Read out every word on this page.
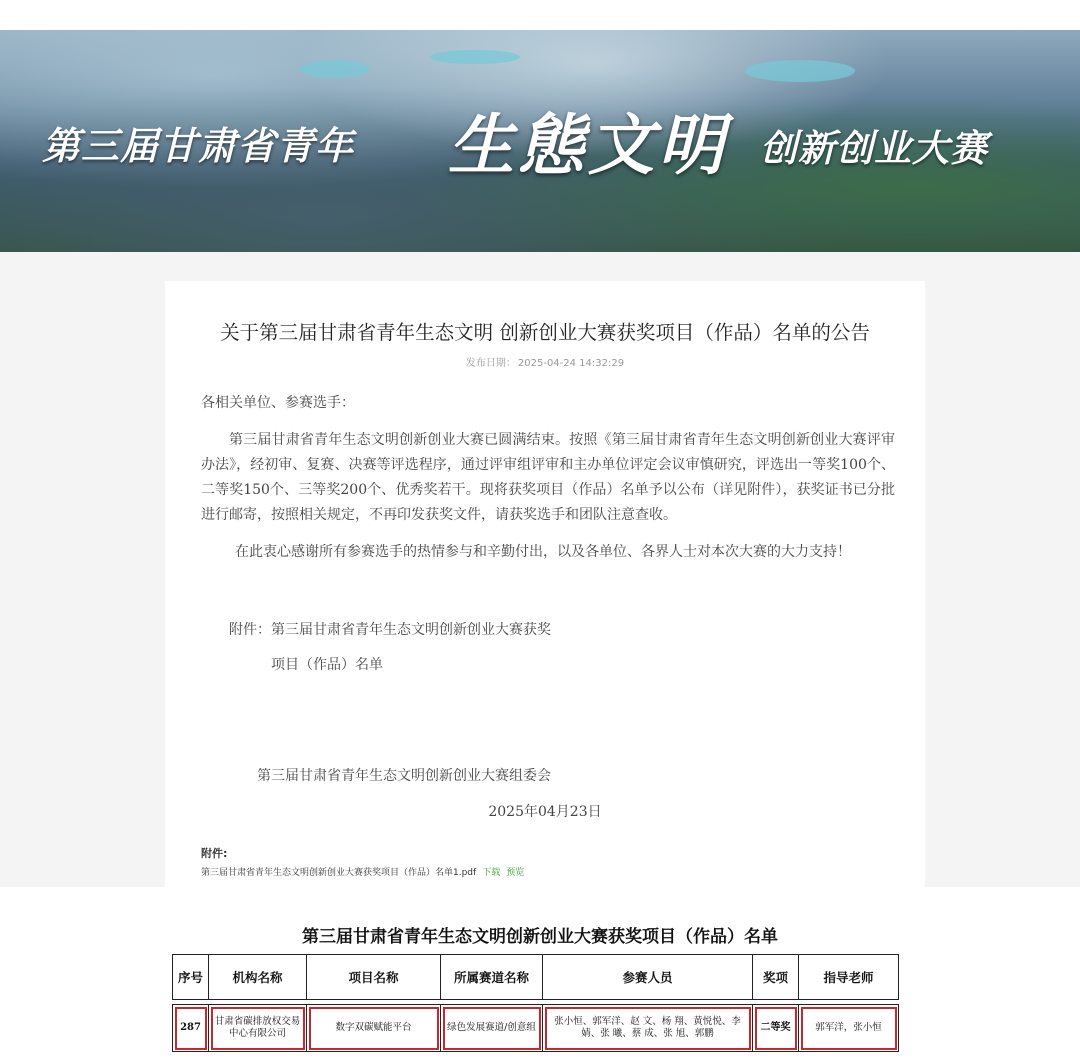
第三届甘肃省青年 生態文明 创新创业大赛
关于第三届甘肃省青年生态文明 创新创业大赛获奖项目（作品）名单的公告
发布日期： 2025-04-24 14:32:29
各相关单位、参赛选手：
第三届甘肃省青年生态文明创新创业大赛已圆满结束。按照《第三届甘肃省青年生态文明创新创业大赛评审办法》，经初审、复赛、决赛等评选程序，通过评审组评审和主办单位评定会议审慎研究，评选出一等奖100个、二等奖150个、三等奖200个、优秀奖若干。现将获奖项目（作品）名单予以公布（详见附件），获奖证书已分批进行邮寄，按照相关规定，不再印发获奖文件，请获奖选手和团队注意查收。
在此衷心感谢所有参赛选手的热情参与和辛勤付出，以及各单位、各界人士对本次大赛的大力支持！
附件：第三届甘肃省青年生态文明创新创业大赛获奖
项目（作品）名单
第三届甘肃省青年生态文明创新创业大赛组委会
2025年04月23日
附件:
第三届甘肃省青年生态文明创新创业大赛获奖项目（作品）名单1.pdf 下载 预览
第三届甘肃省青年生态文明创新创业大赛获奖项目（作品）名单
序号	机构名称	项目名称	所属赛道名称	参赛人员	奖项	指导老师

287	甘肃省碳排放权交易中心有限公司	数字双碳赋能平台	绿色发展赛道/创意组	张小恒、郭军洋、赵 文、杨 翔、黄悦悦、李 婧、张 曦、蔡 成、张 旭、郭鹏	二等奖	郭军洋，张小恒
